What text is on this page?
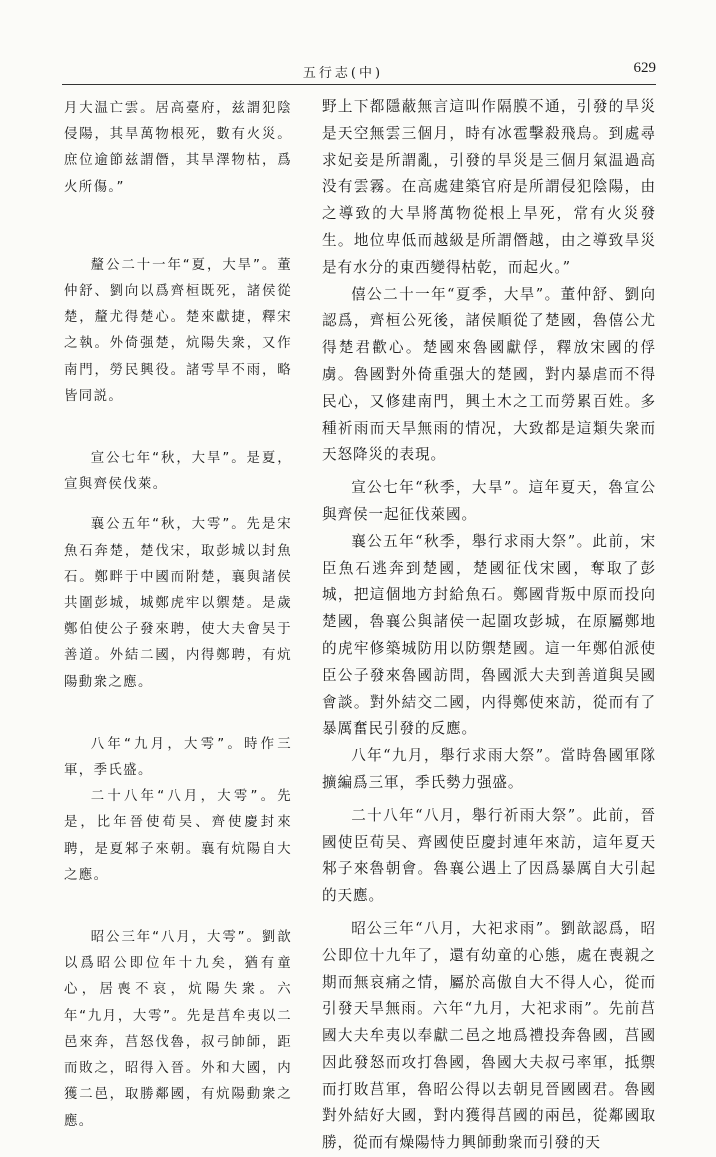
五行志(中)	629

月大温亡雲。居高臺府，兹謂犯陰侵陽，其旱萬物根死，數有火災。庶位逾節兹謂僭，其旱澤物枯，爲火所傷。”

釐公二十一年“夏，大旱”。董仲舒、劉向以爲齊桓既死，諸侯從楚，釐尤得楚心。楚來獻捷，釋宋之執。外倚强楚，炕陽失衆，又作南門，勞民興役。諸雩旱不雨，略皆同説。

宣公七年“秋，大旱”。是夏，宣與齊侯伐萊。

襄公五年“秋，大雩”。先是宋魚石奔楚，楚伐宋，取彭城以封魚石。鄭畔于中國而附楚，襄與諸侯共圍彭城，城鄭虎牢以禦楚。是歲鄭伯使公子發來聘，使大夫會吴于善道。外結二國，内得鄭聘，有炕陽動衆之應。

八年“九月，大雩”。時作三軍，季氏盛。

二十八年“八月，大雩”。先是，比年晉使荀吴、齊使慶封來聘，是夏邾子來朝。襄有炕陽自大之應。

昭公三年“八月，大雩”。劉歆以爲昭公即位年十九矣，猶有童心，居喪不哀，炕陽失衆。六年“九月，大雩”。先是莒牟夷以二邑來奔，莒怒伐魯，叔弓帥師，距而敗之，昭得入晉。外和大國，内獲二邑，取勝鄰國，有炕陽動衆之應。

野上下都隱蔽無言這叫作隔膜不通，引發的旱災是天空無雲三個月，時有冰雹擊殺飛鳥。到處尋求妃妾是所謂亂，引發的旱災是三個月氣温過高没有雲霧。在高處建築官府是所謂侵犯陰陽，由之導致的大旱將萬物從根上旱死，常有火災發生。地位卑低而越級是所謂僭越，由之導致旱災是有水分的東西變得枯乾，而起火。”

僖公二十一年“夏季，大旱”。董仲舒、劉向認爲，齊桓公死後，諸侯順從了楚國，魯僖公尤得楚君歡心。楚國來魯國獻俘，釋放宋國的俘虜。魯國對外倚重强大的楚國，對内暴虐而不得民心，又修建南門，興土木之工而勞累百姓。多種祈雨而天旱無雨的情况，大致都是這類失衆而天怒降災的表現。

宣公七年“秋季，大旱”。這年夏天，魯宣公與齊侯一起征伐萊國。

襄公五年“秋季，舉行求雨大祭”。此前，宋臣魚石逃奔到楚國，楚國征伐宋國，奪取了彭城，把這個地方封給魚石。鄭國背叛中原而投向楚國，魯襄公與諸侯一起圍攻彭城，在原屬鄭地的虎牢修築城防用以防禦楚國。這一年鄭伯派使臣公子發來魯國訪問，魯國派大夫到善道與吴國會談。對外結交二國，内得鄭使來訪，從而有了暴厲奮民引發的反應。

八年“九月，舉行求雨大祭”。當時魯國軍隊擴編爲三軍，季氏勢力强盛。

二十八年“八月，舉行祈雨大祭”。此前，晉國使臣荀吴、齊國使臣慶封連年來訪，這年夏天邾子來魯朝會。魯襄公遇上了因爲暴厲自大引起的天應。

昭公三年“八月，大祀求雨”。劉歆認爲，昭公即位十九年了，還有幼童的心態，處在喪親之期而無哀痛之情，屬於高傲自大不得人心，從而引發天旱無雨。六年“九月，大祀求雨”。先前莒國大夫牟夷以奉獻二邑之地爲禮投奔魯國，莒國因此發怒而攻打魯國，魯國大夫叔弓率軍，抵禦而打敗莒軍，魯昭公得以去朝見晉國國君。魯國對外結好大國，對内獲得莒國的兩邑，從鄰國取勝，從而有燥陽恃力興師動衆而引發的天
